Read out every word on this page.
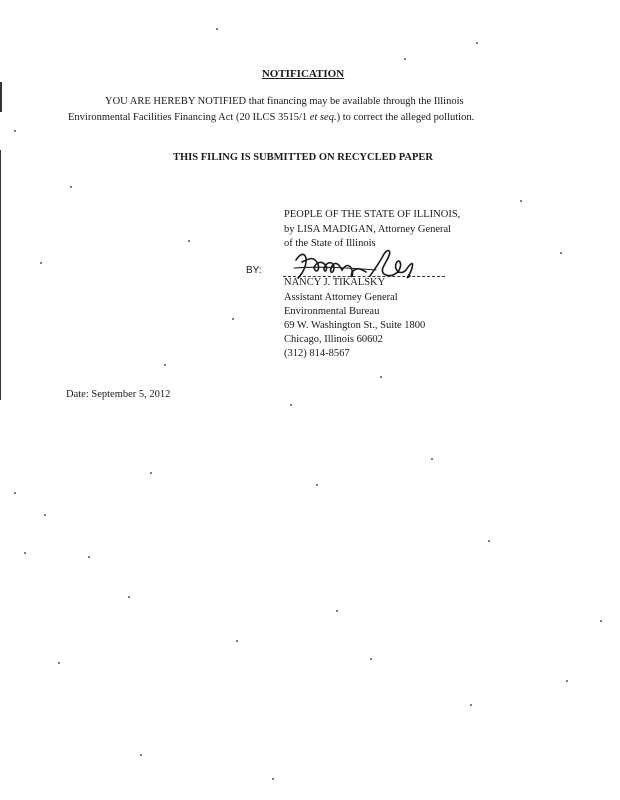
NOTIFICATION
YOU ARE HEREBY NOTIFIED that financing may be available through the Illinois
Environmental Facilities Financing Act (20 ILCS 3515/1 et seq.) to correct the alleged pollution.
THIS FILING IS SUBMITTED ON RECYCLED PAPER
PEOPLE OF THE STATE OF ILLINOIS,
by LISA MADIGAN, Attorney General
of the State of Illinois
BY:
NANCY J. TIKALSKY
Assistant Attorney General
Environmental Bureau
69 W. Washington St., Suite 1800
Chicago, Illinois 60602
(312) 814-8567
Date: September 5, 2012
